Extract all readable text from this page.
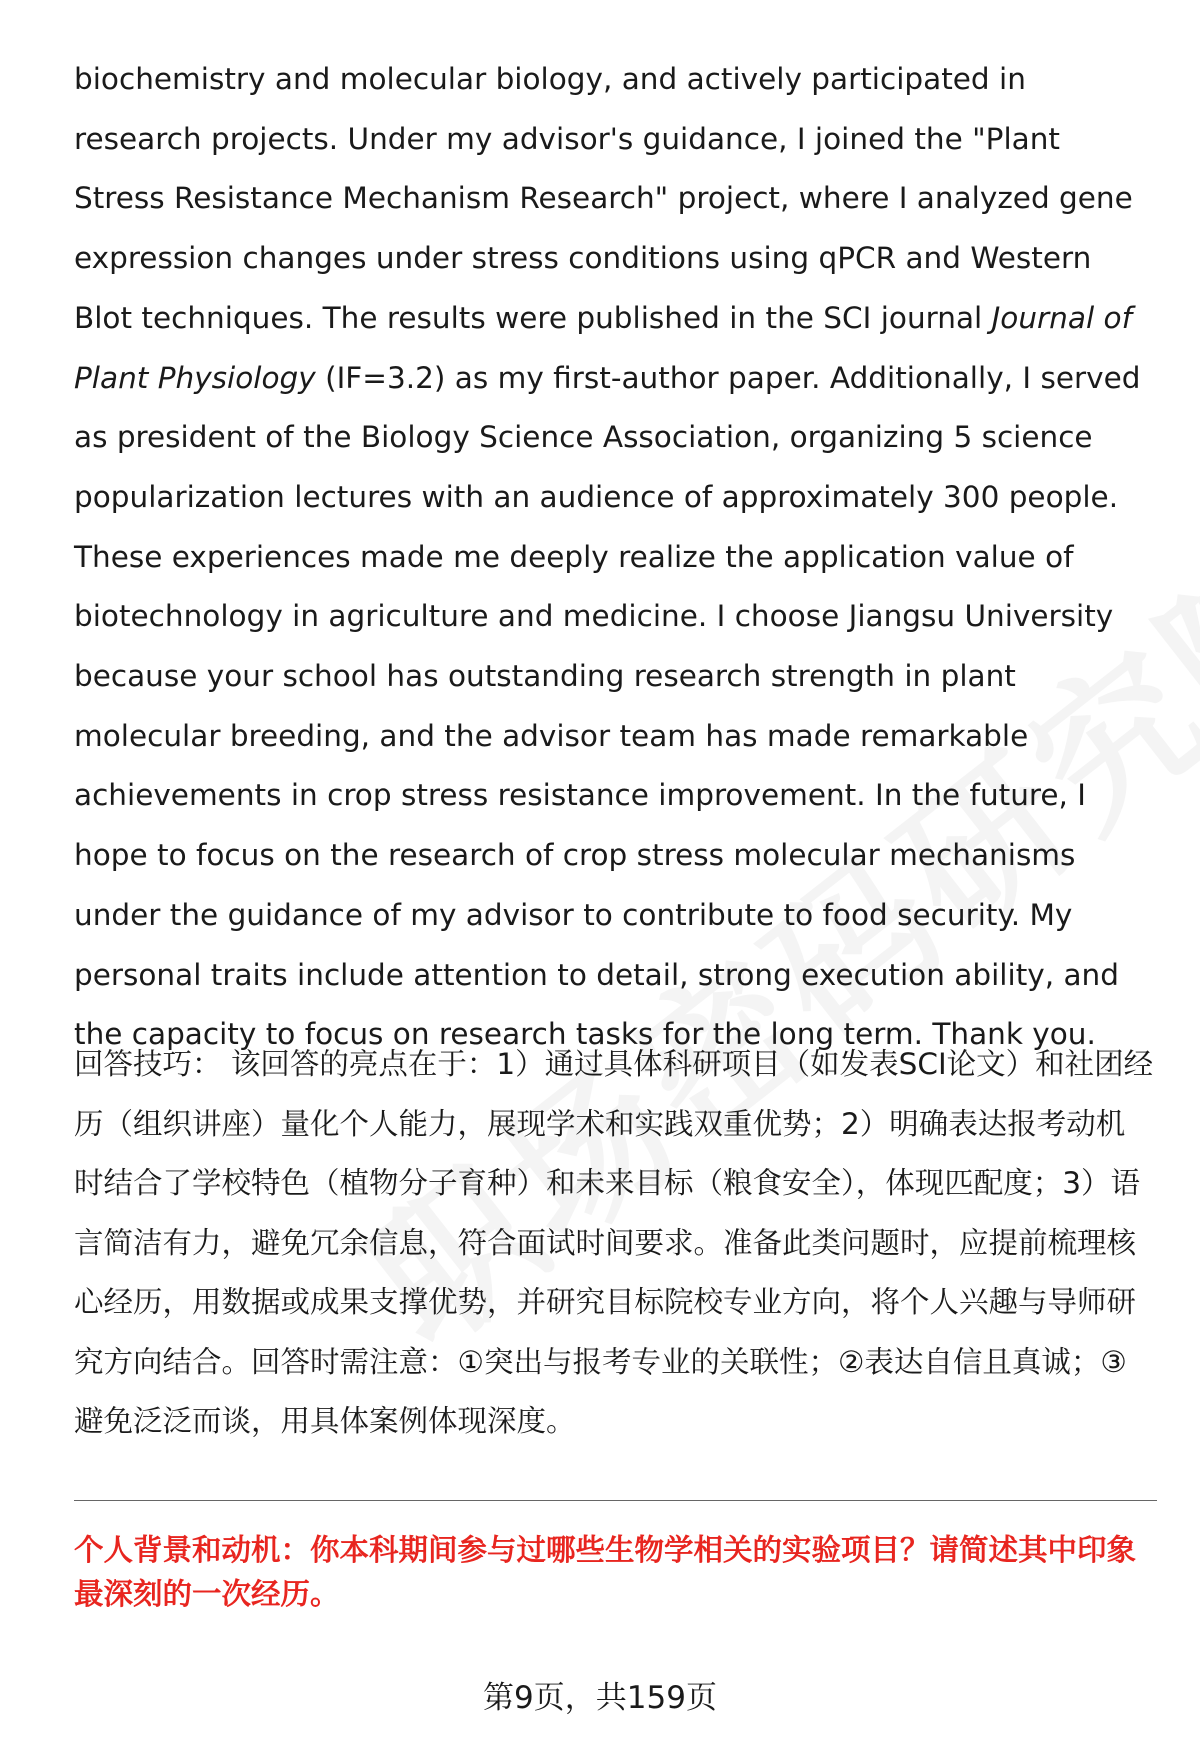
biochemistry and molecular biology, and actively participated in research projects. Under my advisor's guidance, I joined the "Plant Stress Resistance Mechanism Research" project, where I analyzed gene expression changes under stress conditions using qPCR and Western Blot techniques. The results were published in the SCI journal Journal of Plant Physiology (IF=3.2) as my first-author paper. Additionally, I served as president of the Biology Science Association, organizing 5 science popularization lectures with an audience of approximately 300 people. These experiences made me deeply realize the application value of biotechnology in agriculture and medicine. I choose Jiangsu University because your school has outstanding research strength in plant molecular breeding, and the advisor team has made remarkable achievements in crop stress resistance improvement. In the future, I hope to focus on the research of crop stress molecular mechanisms under the guidance of my advisor to contribute to food security. My personal traits include attention to detail, strong execution ability, and the capacity to focus on research tasks for the long term. Thank you.

回答技巧： 该回答的亮点在于：1）通过具体科研项目（如发表SCI论文）和社团经历（组织讲座）量化个人能力，展现学术和实践双重优势；2）明确表达报考动机时结合了学校特色（植物分子育种）和未来目标（粮食安全），体现匹配度；3）语言简洁有力，避免冗余信息，符合面试时间要求。准备此类问题时，应提前梳理核心经历，用数据或成果支撑优势，并研究目标院校专业方向，将个人兴趣与导师研究方向结合。回答时需注意：①突出与报考专业的关联性；②表达自信且真诚；③避免泛泛而谈，用具体案例体现深度。

个人背景和动机：你本科期间参与过哪些生物学相关的实验项目？请简述其中印象最深刻的一次经历。

第9页，共159页
